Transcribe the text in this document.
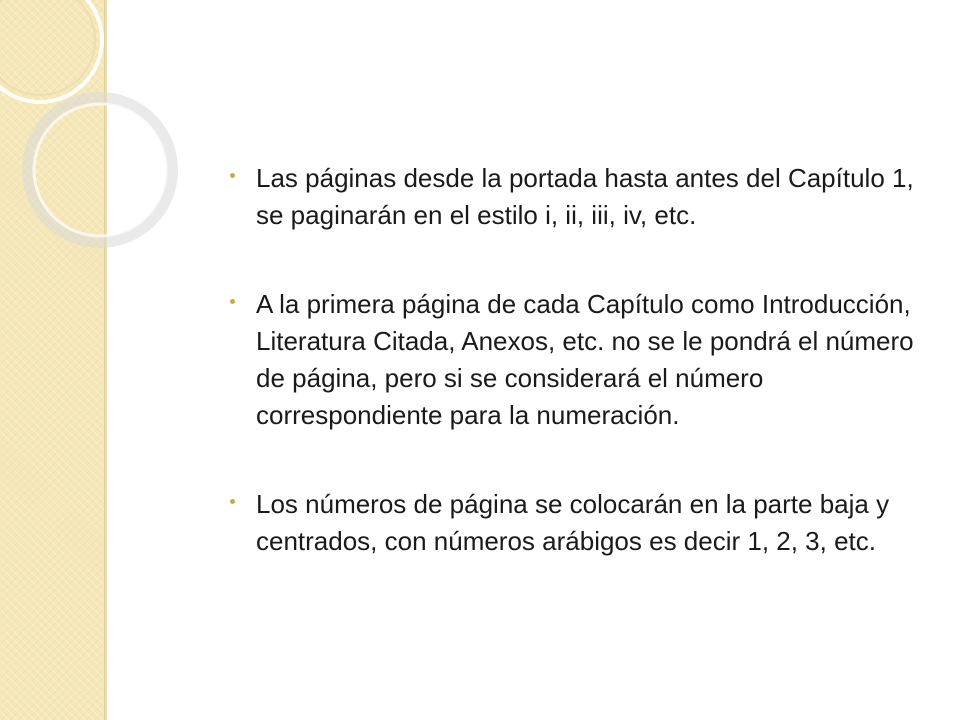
Las páginas desde la portada hasta antes del Capítulo 1, se paginarán en el estilo i, ii, iii, iv, etc.
A la primera página de cada Capítulo como Introducción, Literatura Citada, Anexos, etc. no se le pondrá el número de página, pero si se considerará el número correspondiente para la numeración.
Los números de página se colocarán en la parte baja y centrados, con números arábigos es decir 1, 2, 3, etc.
